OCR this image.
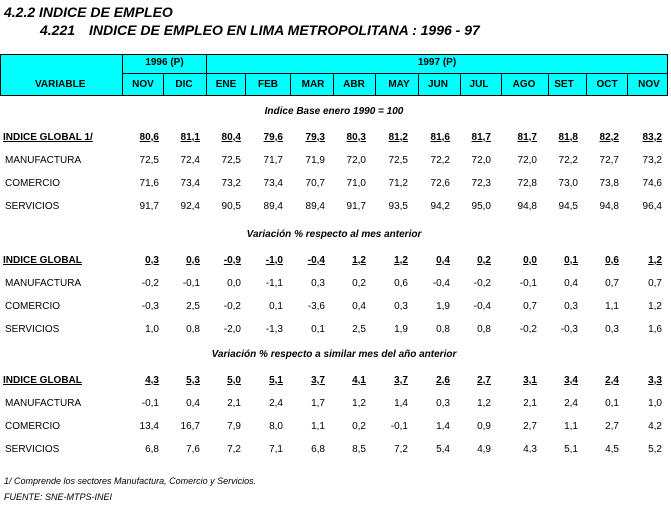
4.2.2 INDICE DE EMPLEO
4.221 INDICE DE EMPLEO EN LIMA METROPOLITANA : 1996 - 97
VARIABLE
1996 (P)	1997 (P)
NOV	DIC	ENE	FEB	MAR	ABR	MAY	JUN	JUL	AGO	SET	OCT	NOV
Indice Base enero 1990 = 100
INDICE GLOBAL 1/	80,6	81,1	80,4	79,6	79,3	80,3	81,2	81,6	81,7	81,7	81,8	82,2	83,2
MANUFACTURA	72,5	72,4	72,5	71,7	71,9	72,0	72,5	72,2	72,0	72,0	72,2	72,7	73,2
COMERCIO	71,6	73,4	73,2	73,4	70,7	71,0	71,2	72,6	72,3	72,8	73,0	73,8	74,6
SERVICIOS	91,7	92,4	90,5	89,4	89,4	91,7	93,5	94,2	95,0	94,8	94,5	94,8	96,4
Variación % respecto al mes anterior
INDICE GLOBAL	0,3	0,6	-0,9	-1,0	-0,4	1,2	1,2	0,4	0,2	0,0	0,1	0,6	1,2
MANUFACTURA	-0,2	-0,1	0,0	-1,1	0,3	0,2	0,6	-0,4	-0,2	-0,1	0,4	0,7	0,7
COMERCIO	-0,3	2,5	-0,2	0,1	-3,6	0,4	0,3	1,9	-0,4	0,7	0,3	1,1	1,2
SERVICIOS	1,0	0,8	-2,0	-1,3	0,1	2,5	1,9	0,8	0,8	-0,2	-0,3	0,3	1,6
Variación % respecto a similar mes del año anterior
INDICE GLOBAL	4,3	5,3	5,0	5,1	3,7	4,1	3,7	2,6	2,7	3,1	3,4	2,4	3,3
MANUFACTURA	-0,1	0,4	2,1	2,4	1,7	1,2	1,4	0,3	1,2	2,1	2,4	0,1	1,0
COMERCIO	13,4	16,7	7,9	8,0	1,1	0,2	-0,1	1,4	0,9	2,7	1,1	2,7	4,2
SERVICIOS	6,8	7,6	7,2	7,1	6,8	8,5	7,2	5,4	4,9	4,3	5,1	4,5	5,2
1/ Comprende los sectores Manufactura, Comercio y Servicios.
FUENTE: SNE-MTPS-INEI
